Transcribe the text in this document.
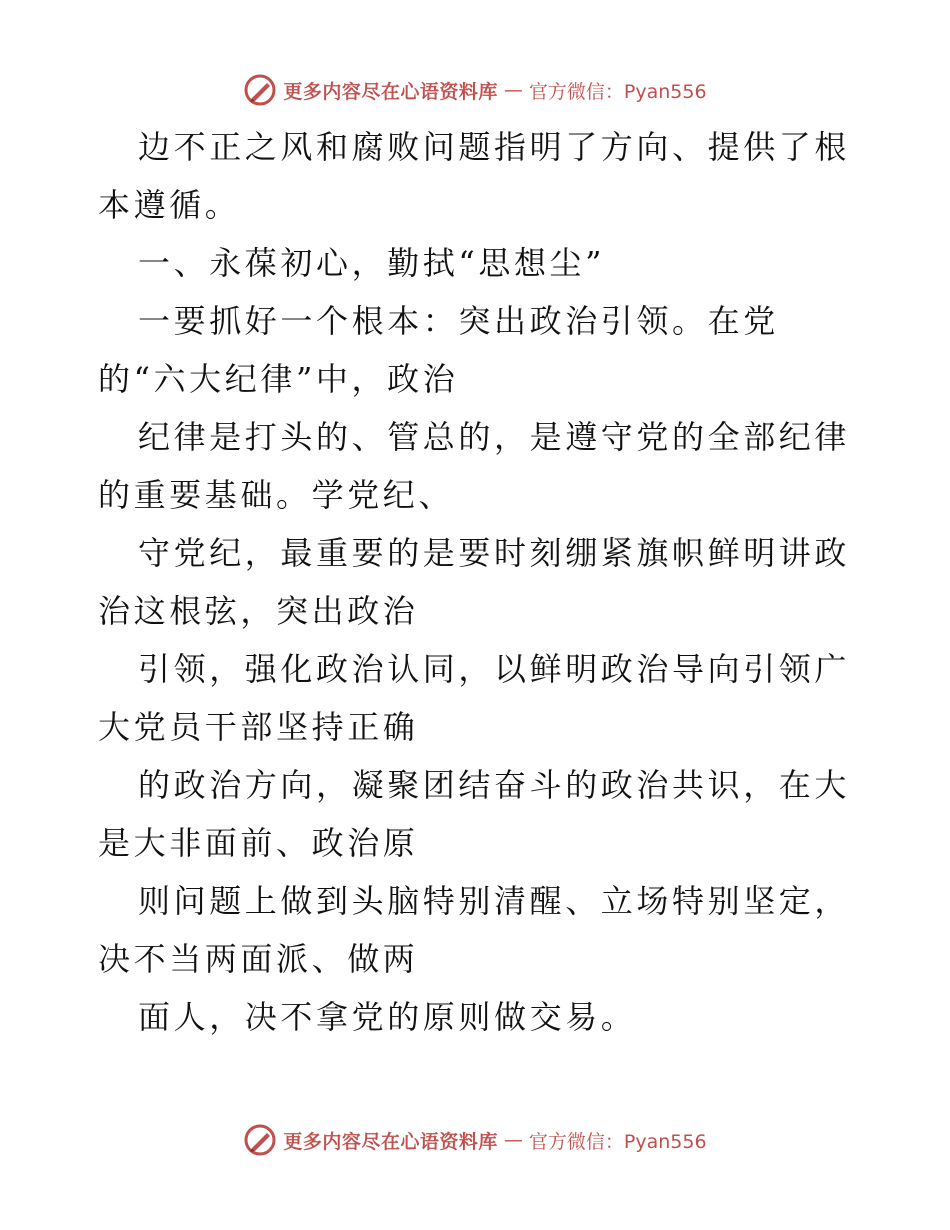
更多内容尽在心语资料库 — 官方微信：Pyan556

边不正之风和腐败问题指明了方向、提供了根本遵循。

一、永葆初心，勤拭“思想尘”

一要抓好一个根本：突出政治引领。在党的“六大纪律”中，政治

纪律是打头的、管总的，是遵守党的全部纪律的重要基础。学党纪、

守党纪，最重要的是要时刻绷紧旗帜鲜明讲政治这根弦，突出政治

引领，强化政治认同，以鲜明政治导向引领广大党员干部坚持正确

的政治方向，凝聚团结奋斗的政治共识，在大是大非面前、政治原

则问题上做到头脑特别清醒、立场特别坚定，决不当两面派、做两

面人，决不拿党的原则做交易。

更多内容尽在心语资料库 — 官方微信：Pyan556
